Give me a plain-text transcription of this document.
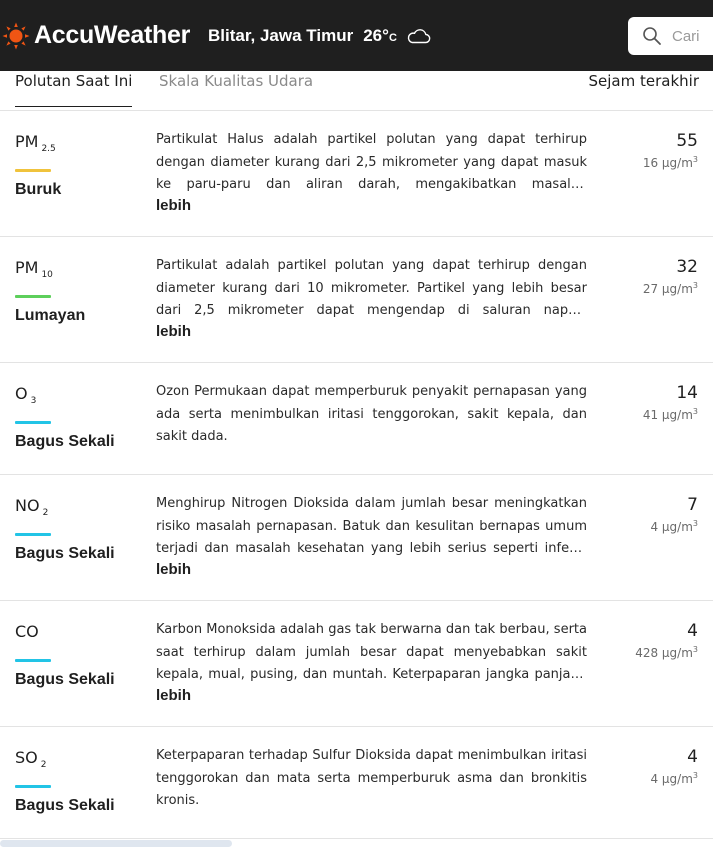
AccuWeather Blitar, Jawa Timur 26°C
Cari
Polutan Saat Ini Skala Kualitas Udara	Sejam terakhir
PM $_{2.5}$
Buruk
Partikulat Halus adalah partikel polutan yang dapat terhirup dengan diameter kurang dari 2,5 mikrometer yang dapat masuk ke paru-paru dan aliran darah, mengakibatkan masalah
lebih
55
16 $\mu g/m^3$
PM $_{10}$
Lumayan
Partikulat adalah partikel polutan yang dapat terhirup dengan diameter kurang dari 10 mikrometer. Partikel yang lebih besar dari 2,5 mikrometer dapat mengendap di saluran napas,
lebih
32
27 $\mu g/m^3$
O $_3$
Bagus Sekali
Ozon Permukaan dapat memperburuk penyakit pernapasan yang ada serta menimbulkan iritasi tenggorokan, sakit kepala, dan sakit dada.
14
41 $\mu g/m^3$
NO $_2$
Bagus Sekali
Menghirup Nitrogen Dioksida dalam jumlah besar meningkatkan risiko masalah pernapasan. Batuk dan kesulitan bernapas umum terjadi dan masalah kesehatan yang lebih serius seperti infeksi
lebih
7
4 $\mu g/m^3$
CO
Bagus Sekali
Karbon Monoksida adalah gas tak berwarna dan tak berbau, serta saat terhirup dalam jumlah besar dapat menyebabkan sakit kepala, mual, pusing, dan muntah. Keterpaparan jangka panjang
lebih
4
428 $\mu g/m^3$
SO $_2$
Bagus Sekali
Keterpaparan terhadap Sulfur Dioksida dapat menimbulkan iritasi tenggorokan dan mata serta memperburuk asma dan bronkitis kronis.
4
4 $\mu g/m^3$
